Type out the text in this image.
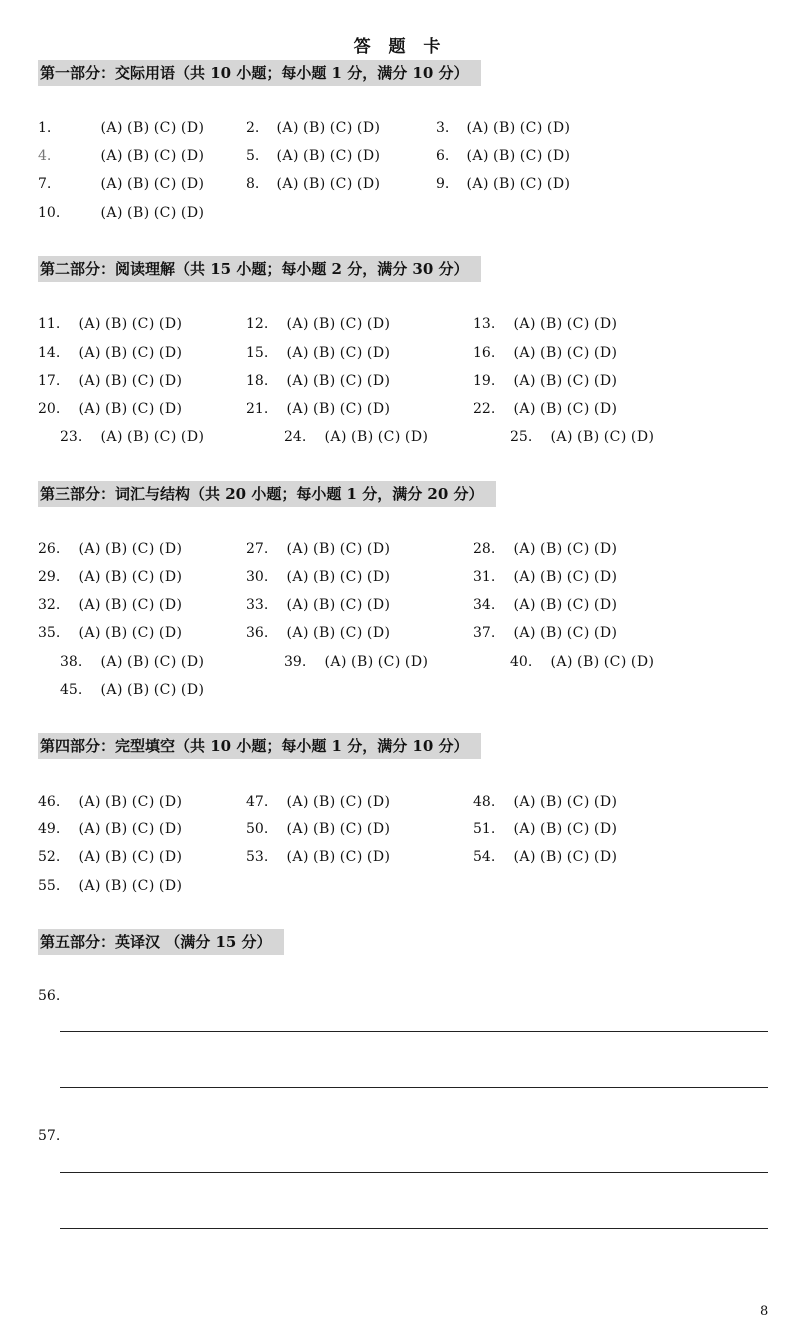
答 题 卡
第一部分：交际用语（共 10 小题；每小题 1 分，满分 10 分）
1.	(A) (B) (C) (D)	2. (A) (B) (C) (D)	3. (A) (B) (C) (D)
4.	(A) (B) (C) (D)	5. (A) (B) (C) (D)	6. (A) (B) (C) (D)
7.	(A) (B) (C) (D)	8. (A) (B) (C) (D)	9. (A) (B) (C) (D)
10.	(A) (B) (C) (D)
第二部分：阅读理解（共 15 小题；每小题 2 分，满分 30 分）
11. (A) (B) (C) (D)	12. (A) (B) (C) (D)	13. (A) (B) (C) (D)
14. (A) (B) (C) (D)	15. (A) (B) (C) (D)	16. (A) (B) (C) (D)
17. (A) (B) (C) (D)	18. (A) (B) (C) (D)	19. (A) (B) (C) (D)
20. (A) (B) (C) (D)	21. (A) (B) (C) (D)	22. (A) (B) (C) (D)
23. (A) (B) (C) (D)	24. (A) (B) (C) (D)	25. (A) (B) (C) (D)
第三部分：词汇与结构（共 20 小题；每小题 1 分，满分 20 分）
26. (A) (B) (C) (D)	27. (A) (B) (C) (D)	28. (A) (B) (C) (D)
29. (A) (B) (C) (D)	30. (A) (B) (C) (D)	31. (A) (B) (C) (D)
32. (A) (B) (C) (D)	33. (A) (B) (C) (D)	34. (A) (B) (C) (D)
35. (A) (B) (C) (D)	36. (A) (B) (C) (D)	37. (A) (B) (C) (D)
38. (A) (B) (C) (D)	39. (A) (B) (C) (D)	40. (A) (B) (C) (D)
45. (A) (B) (C) (D)
第四部分：完型填空（共 10 小题；每小题 1 分，满分 10 分）
46. (A) (B) (C) (D)	47. (A) (B) (C) (D)	48. (A) (B) (C) (D)
49. (A) (B) (C) (D)	50. (A) (B) (C) (D)	51. (A) (B) (C) (D)
52. (A) (B) (C) (D)	53. (A) (B) (C) (D)	54. (A) (B) (C) (D)
55. (A) (B) (C) (D)
第五部分：英译汉 （满分 15 分）
56.
57.
8
